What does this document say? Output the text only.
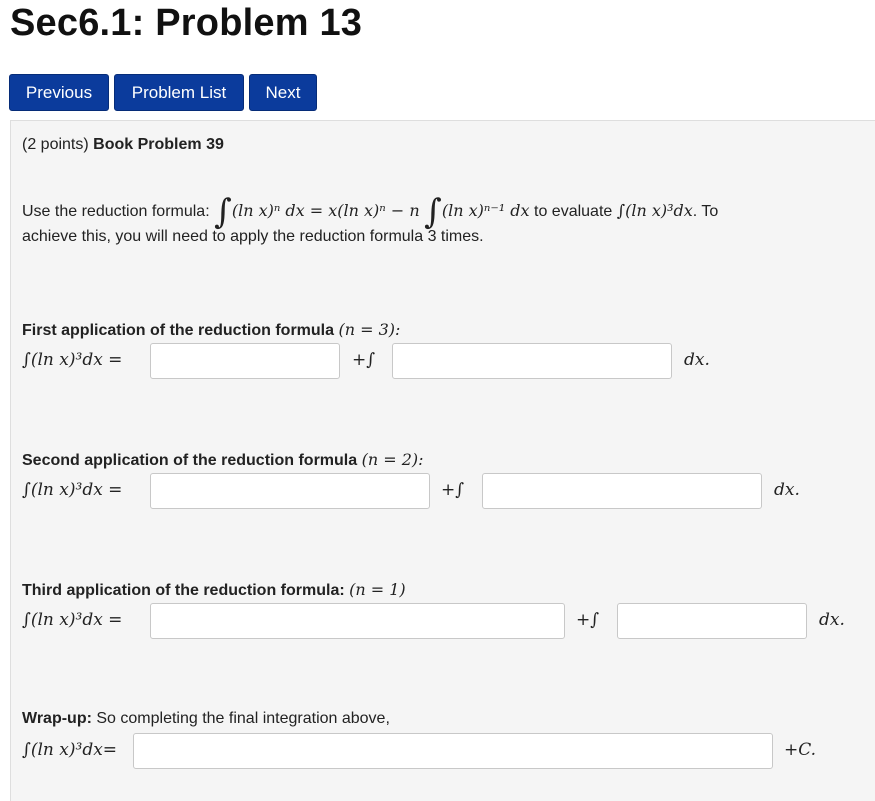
Sec6.1: Problem 13
Previous	Problem List	Next
(2 points) Book Problem 39
Use the reduction formula: ∫(ln x)ⁿ dx = x(ln x)ⁿ − n ∫(ln x)ⁿ⁻¹ dx to evaluate ∫(ln x)³dx. To
achieve this, you will need to apply the reduction formula 3 times.
First application of the reduction formula (n = 3):
∫(ln x)³dx =	+∫	dx.
Second application of the reduction formula (n = 2):
∫(ln x)³dx =	+∫	dx.
Third application of the reduction formula: (n = 1)
∫(ln x)³dx =	+∫	dx.
Wrap-up: So completing the final integration above,
∫(ln x)³dx=	+C.
